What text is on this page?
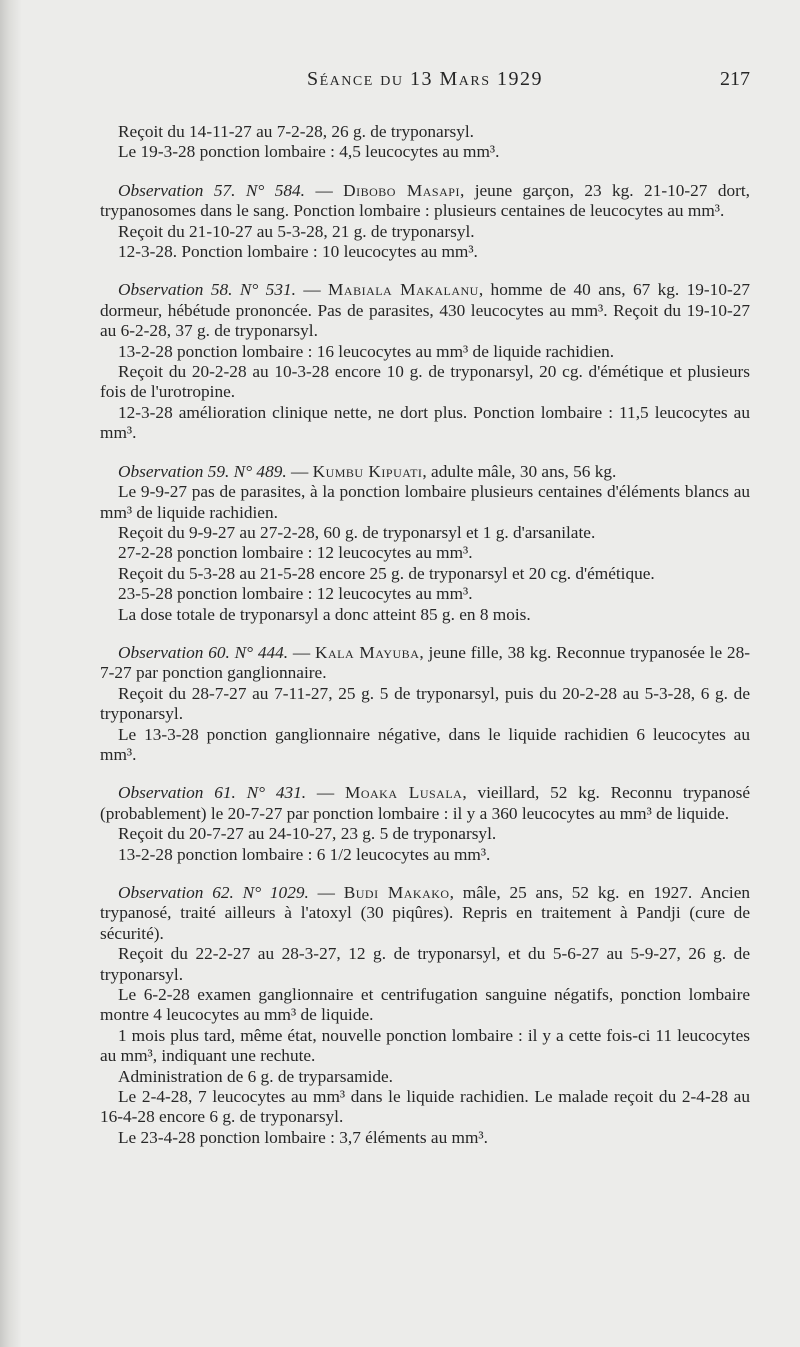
Séance du 13 Mars 1929	217

Reçoit du 14-11-27 au 7-2-28, 26 g. de tryponarsyl.

Le 19-3-28 ponction lombaire : 4,5 leucocytes au mm³.

Observation 57. N° 584. — Dibobo Masapi, jeune garçon, 23 kg. 21-10-27 dort, trypanosomes dans le sang. Ponction lombaire : plusieurs centaines de leucocytes au mm³.

Reçoit du 21-10-27 au 5-3-28, 21 g. de tryponarsyl.

12-3-28. Ponction lombaire : 10 leucocytes au mm³.

Observation 58. N° 531. — Mabiala Makalanu, homme de 40 ans, 67 kg. 19-10-27 dormeur, hébétude prononcée. Pas de parasites, 430 leucocytes au mm³. Reçoit du 19-10-27 au 6-2-28, 37 g. de tryponarsyl.

13-2-28 ponction lombaire : 16 leucocytes au mm³ de liquide rachidien.

Reçoit du 20-2-28 au 10-3-28 encore 10 g. de tryponarsyl, 20 cg. d'émétique et plusieurs fois de l'urotropine.

12-3-28 amélioration clinique nette, ne dort plus. Ponction lombaire : 11,5 leucocytes au mm³.

Observation 59. N° 489. — Kumbu Kipuati, adulte mâle, 30 ans, 56 kg.

Le 9-9-27 pas de parasites, à la ponction lombaire plusieurs centaines d'éléments blancs au mm³ de liquide rachidien.

Reçoit du 9-9-27 au 27-2-28, 60 g. de tryponarsyl et 1 g. d'arsanilate.

27-2-28 ponction lombaire : 12 leucocytes au mm³.

Reçoit du 5-3-28 au 21-5-28 encore 25 g. de tryponarsyl et 20 cg. d'émétique.

23-5-28 ponction lombaire : 12 leucocytes au mm³.

La dose totale de tryponarsyl a donc atteint 85 g. en 8 mois.

Observation 60. N° 444. — Kala Mayuba, jeune fille, 38 kg. Reconnue trypanosée le 28-7-27 par ponction ganglionnaire.

Reçoit du 28-7-27 au 7-11-27, 25 g. 5 de tryponarsyl, puis du 20-2-28 au 5-3-28, 6 g. de tryponarsyl.

Le 13-3-28 ponction ganglionnaire négative, dans le liquide rachidien 6 leucocytes au mm³.

Observation 61. N° 431. — Moaka Lusala, vieillard, 52 kg. Reconnu trypanosé (probablement) le 20-7-27 par ponction lombaire : il y a 360 leucocytes au mm³ de liquide.

Reçoit du 20-7-27 au 24-10-27, 23 g. 5 de tryponarsyl.

13-2-28 ponction lombaire : 6 1/2 leucocytes au mm³.

Observation 62. N° 1029. — Budi Makako, mâle, 25 ans, 52 kg. en 1927. Ancien trypanosé, traité ailleurs à l'atoxyl (30 piqûres). Repris en traitement à Pandji (cure de sécurité).

Reçoit du 22-2-27 au 28-3-27, 12 g. de tryponarsyl, et du 5-6-27 au 5-9-27, 26 g. de tryponarsyl.

Le 6-2-28 examen ganglionnaire et centrifugation sanguine négatifs, ponction lombaire montre 4 leucocytes au mm³ de liquide.

1 mois plus tard, même état, nouvelle ponction lombaire : il y a cette fois-ci 11 leucocytes au mm³, indiquant une rechute.

Administration de 6 g. de tryparsamide.

Le 2-4-28, 7 leucocytes au mm³ dans le liquide rachidien. Le malade reçoit du 2-4-28 au 16-4-28 encore 6 g. de tryponarsyl.

Le 23-4-28 ponction lombaire : 3,7 éléments au mm³.
